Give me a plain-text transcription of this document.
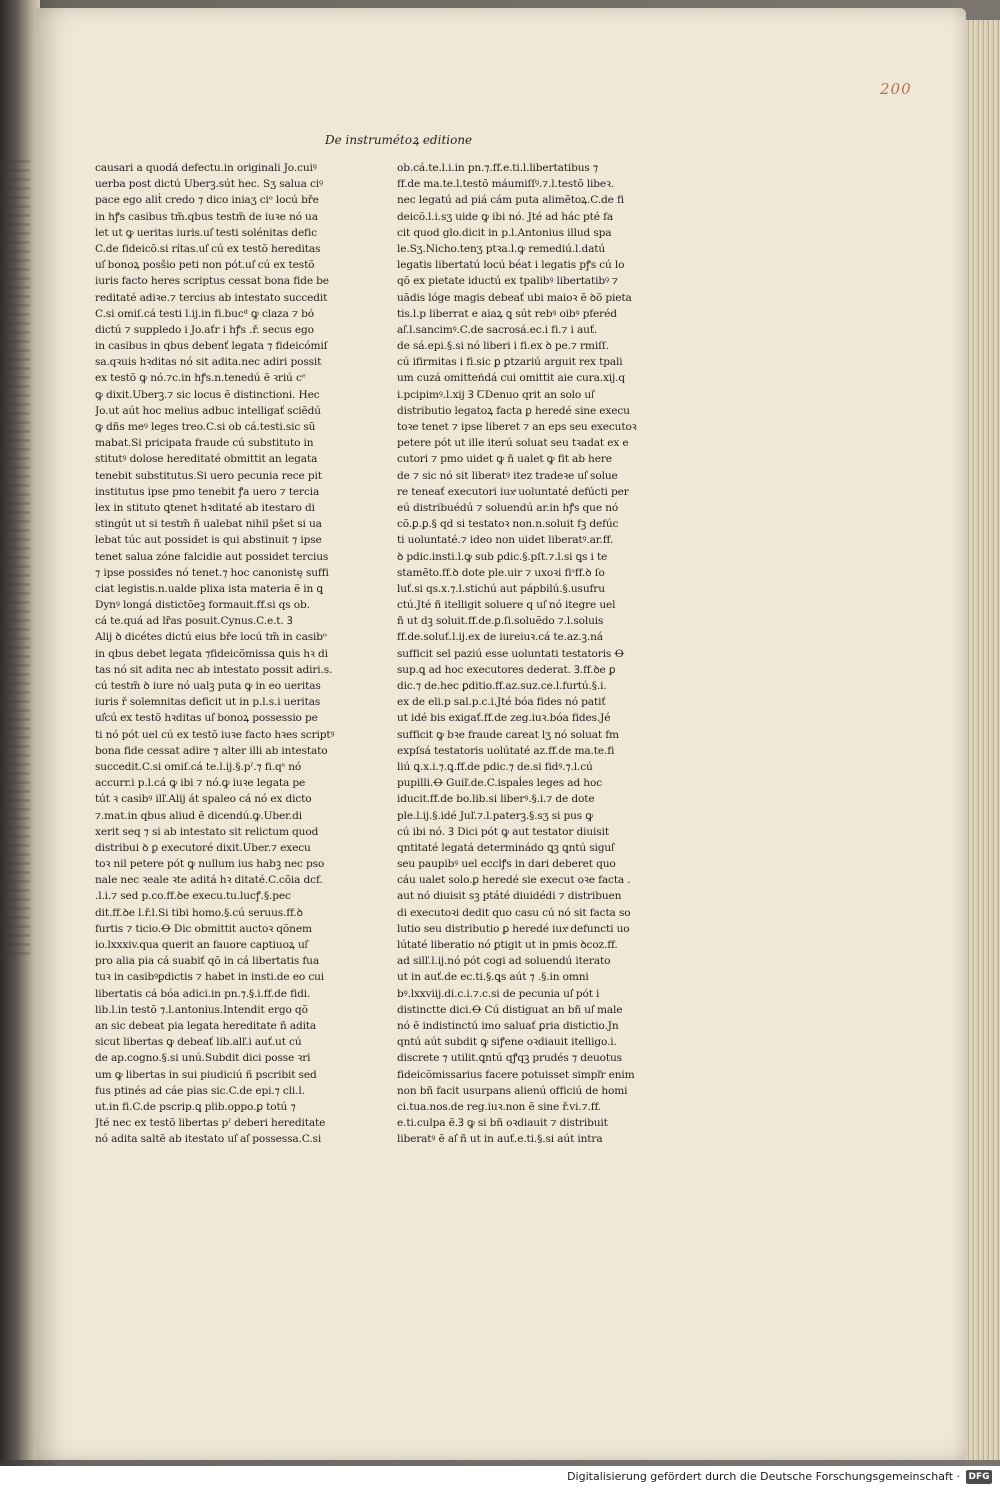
200
De instrumétoꝝ editione
causari a quodá defectu.in originali Jo.cuiꝰ
uerba post dictú Uberꝫ.sút hec. Sʒ salua ciꝰ
pace ego aliṫ credo ⁊ dico iniaʒ ciᵒ locú bře
in hꝭs casibus tm̃.qbus testm̃ de iuꝛe nó ua
let ut ꝙ ueritas iuris.ul͛ testi solénitas defic
C.de fideicõ.si rítas.ul͛ cú ex testõ hereditas
ul͛ bonoꝝ posšio peti non pót.ul͛ cú ex testõ
iuris facto heres scriptus cessat bona fide be
reditaté adiꝛe.⁊ tercius ab intestato succedit
C.si omiſ.cá testi l.ij.in fi.bucᵈ ꝙ claza ⁊ bó
dictú ⁊ suppledo i Jo.aťr i hꝭs .ř. secus ego
in casibus in qbus debenť legata ⁊ fideicómiſ
sa.qꝛuis hꝛditas nó sit adita.nec adiri possit
ex testõ ꝙ nó.⁊c.in hꝭs.n.tenedú ẽ ꝛriú cᵉ
ꝙ dixit.Uberꝫ.⁊ sic locus ẽ distinctioni. Hec
Jo.ut aút hoc melius adbuc intelligať sciẽdú
ꝙ dñs meꝰ leges treo.C.si ob cá.testi.sic sũ
mabat.Si pricipata fraude cú substituto in
stitutꝰ dolose hereditaté obmittit an legata
tenebit substitutus.Si uero pecunia rece pit
institutus ipse pmo tenebit ꝭa uero ⁊ tercia
lex in stituto ꝗtenet hꝛditaté ab itestaro di
stingút ut si testm̃ ñ ualebat nihil pšet si ua
lebat túc aut possidet is qui abstinuit ⁊ ipse
tenet salua zóne falcidie aut possidet tercius
⁊ ipse possiđes nó tenet.⁊ hoc canonistę suffi
ciat legistis.n.ualde plixa ista materia ẽ in ꝗ
Dynꝰ longá distictõeꝫ formauit.ff.si qs ob.
cá te.quá ad lr̃as posuit.Cynus.C.e.t. Ꝫ
Alij ꝺ dicétes dictú eius bře locú tm̃ in casibᵒ
in qbus debet legata ⁊fideicõmissa ꝗuis hꝛ di
tas nó sit adita nec ab intestato possit adiri.s.
cú testm̃ ꝺ iure nó ualꝫ puta ꝙ in eo ueritas
iuris ř solemnitas deficit ut in p.l.s.i ueritas
ul͛cú ex testõ hꝛditas ul͛ bonoꝝ possessio pe
ti nó pót uel cú ex testõ iuꝛe facto hꝛes scriptꝰ
bona fide cessat adire ⁊ alter illi ab intestato
succedit.C.si omiſ.cá te.l.ij.§.pˀ.⁊ fi.qˢ nó
accurr.i p.l.cá ꝙ ibi ⁊ nó.ꝙ iuꝛe legata pe
tút ꝛ casibꝰ ilľ.Alij át spaleo cá nó ex dicto
⁊.mat.in qbus aliud ẽ dicendú.ꝙ.Uber.di
xerit seq ⁊ si ab intestato sit relictum quod
distribui ꝺ ꝑ executoré dixit.Uber.⁊ execu
toꝛ nil petere pót ꝙ nullum ius habꝫ nec pso
nale nec ꝛeale ꝛte aditá hꝛ ditaté.C.cõia dcf.
.l.i.⁊ sed p.co.ff.ꝺe execu.tu.lucꝭ.§.pec
dit.ff.ꝺe l.ř.l.Si tibi homo.§.cú seruus.ff.ꝺ
furtis ⁊ ticio.Ꝋ Dic obmittit auctoꝛ qõnem
io.lxxxiv.qua querit an fauore captiuoꝝ ul͛
pro alia pia cá suabiť qõ in cá libertatis fua
tuꝛ in casibꝰꝑdictis ⁊ habet in insti.de eo cui
libertatis cá bóa adici.in pn.⁊.§.i.ff.de fidi.
lib.l.in testõ ⁊.l.antonius.Intendit ergo qõ
an sic debeat pia legata hereditate ñ adita
sicut libertas ꝙ debeať lib.alľ.i auť.ut cú
de ap.cogno.§.si unú.Subdit dici posse ꝛri
um ꝙ libertas in sui piudiciú ñ pscribit sed
fus ptinés ad cáe pias sic.C.de epi.⁊ cli.l.
ut.in fi.C.de pscrip.ꝗ plib.oppo.ꝑ totú ⁊
Jté nec ex testõ libertas pˀ deberi hereditate
nó adita saltẽ ab itestato ul͛ al͛ possessa.C.si
ob.cá.te.l.i.in pn.⁊.ff.e.ti.l.libertatibus ⁊
ff.de ma.te.l.testõ máumiſſꝰ.⁊.l.testõ libeꝛ.
nec legatú ad piá cám puta alimẽtoꝝ.C.de fi
deicõ.l.i.sʒ uide ꝙ ibi nó. Jté ad hác pté fa
cit quod glo.dicit in p.l.Antonius illud spa
le.Sʒ.Nicho.tenʒ ptꝛa.l.ꝙ remediú.l.datú
legatis libertatú locú béat i legatis pꝭs cú lo
qõ ex pietate iductú ex tpalibꝰ libertatibꝰ ⁊
uãdis lóge magis debeať ubi maioꝛ ẽ ꝺõ pieta
tis.l.p liberrat e aiaꝝ ꝗ sút rebꝰ oibꝰ pferéd
al͛.l.sancimꝰ.C.de sacrosá.ec.i fi.⁊ i auť.
de sá.epi.§.si nó liberi i fi.ex ꝺ pe.⁊ rmiſſ.
cú ifirmitas i fi.sic ꝑ ꝑtzariú arguit rex tpali
um cuzá omitteńdá cui omittit aie cura.xij.q
i.pcipimꝰ.l.xij Ꝫ ꞆDenuo qrit an solo ul͛
distributio legatoꝝ facta ꝑ heredé sine execu
toꝛe tenet ⁊ ipse liberet ⁊ an eps seu executoꝛ
petere pót ut ille iterú soluat seu tꝛadat ex e
cutori ⁊ pmo uidet ꝙ ñ ualet ꝙ fit ab here
de ⁊ sic nó sit liberatꝰ itez tradeꝛe ul͛ solue
re teneať executori iuxͣ uoluntaté defúcti per
eú distribuédú ⁊ soluendú ar.in hꝭs que nó
cõ.ꝑ.ꝑ.§ qd si testatoꝛ non.n.soluit fꝫ defúc
ti uoluntaté.⁊ ideo non uidet liberatꝰ.ar.ff.
ꝺ pdic.insti.l.ꝙ sub ꝑdic.§.pſt.⁊.l.si ꝗs i te
stamẽto.ff.ꝺ dote ple.uir ⁊ uxoꝛi fiˢff.ꝺ ſo
luť.si qs.x.⁊.l.stichú aut pápbilú.§.usufru
ctú.Jté ñ itelligit soluere q ul͛ nó itegre uel
ñ ut dꝫ soluit.ff.de.ꝑ.ſi.soluẽdo ⁊.l.soluis
ff.de.soluť.l.ij.ex de iureiuꝛ.cá te.az.ꝫ.ná
sufficit sel paziú esse uoluntati testatoris Ꝋ
sup.ꝗ ad hoc executores dederat. Ꝫ.ff.ꝺe ꝑ
dic.⁊ de.hec ꝑditio.ff.az.suz.ce.l.furtú.§.i.
ex de eli.p sal.p.c.i.Jté bóa fides nó patiť
ut idé bis exigať.ff.de zeg.iuꝛ.bóa fides.Jé
sufficit ꝙ bꝛe fraude careat lʒ nó soluat fm
expſsá testatoris uolútaté az.ff.de ma.te.fi
liú ꝗ.x.i.⁊.ꝗ.ff.de pdic.⁊ de.si fidꝰ.⁊.l.cú
pupilli.Ꝋ Guiľ.de.C.ispaĺes leges ad hoc
iducit.ff.de bo.lib.si liberꝰ.§.i.⁊ de dote
ple.l.ij.§.idé Juľ.⁊.l.paterꝫ.§.sʒ si pus ꝙ
cú ibi nó. Ꝫ Dici pót ꝙ aut testator diuisit
qntitaté legatá determinádo ꝗꝫ ꝗntú sigul͛
seu paupibꝰ uel ecclꝭs in dari deberet quo
cáu ualet solo.ꝑ heredé sie execut oꝛe facta .
aut nó diuisit sꝫ ptáté diuidédi ⁊ distribuen
di executoꝛi dedit quo casu cú nó sit facta so
lutio seu distributio ꝑ heredé iuxͣ defuncti uo
lútaté liberatio nó ꝑtigit ut in pmis ꝺcoz.ff.
ad silľ.l.ij.nó pót cogi ad soluendú iterato
ut in auť.de ec.ti.§.ꝗs aút ⁊ .§.in omni
bꝰ.lxxviij.di.c.i.⁊.c.si de pecunia ul͛ pót i
distinctte dici.Ꝋ Cú distiguat an bñ ul͛ male
nó ẽ indistinctú imo saluať ꝑria distictio.Jn
qntú aút subdit ꝙ siꝭene oꝛdiauit itelligo.i.
discrete ⁊ utilit.ꝗntú qꝭqꝫ prudés ⁊ deuotus
fideicõmissarius facere potuisset simpľr enim
non bñ facit usurpans alienú officiú de homi
ci.tua.nos.de reg.iuꝛ.non ẽ sine ř.vi.⁊.ff.
e.ti.culpa ẽ.Ꝫ ꝙ si bñ oꝛdiauit ⁊ distribuit
liberatꝰ ẽ al͛ ñ ut in auť.e.ti.§.si aút intra
Digitalisierung gefördert durch die Deutsche Forschungsgemeinschaft · DFG
